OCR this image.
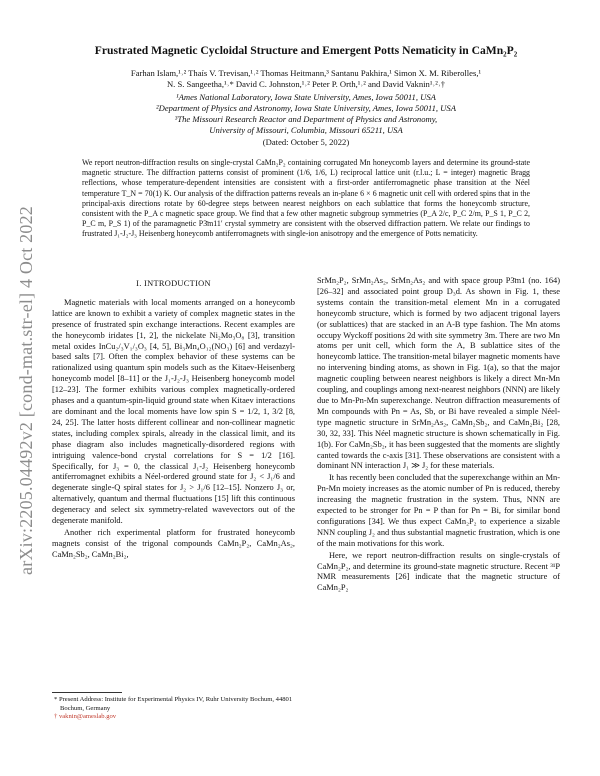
arXiv:2205.04492v2 [cond-mat.str-el] 4 Oct 2022
Frustrated Magnetic Cycloidal Structure and Emergent Potts Nematicity in CaMn₂P₂
Farhan Islam,¹˒² Thaís V. Trevisan,¹˒² Thomas Heitmann,³ Santanu Pakhira,¹ Simon X. M. Riberolles,¹
N. S. Sangeetha,¹˒* David C. Johnston,¹˒² Peter P. Orth,¹˒² and David Vaknin¹˒²˒†
¹Ames National Laboratory, Iowa State University, Ames, Iowa 50011, USA
²Department of Physics and Astronomy, Iowa State University, Ames, Iowa 50011, USA
³The Missouri Research Reactor and Department of Physics and Astronomy,
University of Missouri, Columbia, Missouri 65211, USA
(Dated: October 5, 2022)
We report neutron-diffraction results on single-crystal CaMn₂P₂ containing corrugated Mn honeycomb layers and determine its ground-state magnetic structure. The diffraction patterns consist of prominent (1/6, 1/6, L) reciprocal lattice unit (r.l.u.; L = integer) magnetic Bragg reflections, whose temperature-dependent intensities are consistent with a first-order antiferromagnetic phase transition at the Néel temperature T_N = 70(1) K. Our analysis of the diffraction patterns reveals an in-plane 6 × 6 magnetic unit cell with ordered spins that in the principal-axis directions rotate by 60-degree steps between nearest neighbors on each sublattice that forms the honeycomb structure, consistent with the P_A c magnetic space group. We find that a few other magnetic subgroup symmetries (P_A 2/c, P_C 2/m, P_S 1, P_C 2, P_C m, P_S 1) of the paramagnetic P3̄m11′ crystal symmetry are consistent with the observed diffraction pattern. We relate our findings to frustrated J₁-J₂-J₃ Heisenberg honeycomb antiferromagnets with single-ion anisotropy and the emergence of Potts nematicity.
I. INTRODUCTION

Magnetic materials with local moments arranged on a honeycomb lattice are known to exhibit a variety of complex magnetic states in the presence of frustrated spin exchange interactions. Recent examples are the honeycomb iridates [1, 2], the nickelate Ni₂Mo₃O₈ [3], transition metal oxides InCu₂/₃V₁/₃O₃ [4, 5], Bi₃Mn₄O₁₂(NO₃) [6] and verdazyl-based salts [7]. Often the complex behavior of these systems can be rationalized using quantum spin models such as the Kitaev-Heisenberg honeycomb model [8–11] or the J₁-J₂-J₃ Heisenberg honeycomb model [12–23]. The former exhibits various complex magnetically-ordered phases and a quantum-spin-liquid ground state when Kitaev interactions are dominant and the local moments have low spin S = 1/2, 1, 3/2 [8, 24, 25]. The latter hosts different collinear and non-collinear magnetic states, including complex spirals, already in the classical limit, and its phase diagram also includes magnetically-disordered regions with intriguing valence-bond crystal correlations for S = 1/2 [16]. Specifically, for J₃ = 0, the classical J₁-J₂ Heisenberg honeycomb antiferromagnet exhibits a Néel-ordered ground state for J₂ < J₁/6 and degenerate single-Q spiral states for J₂ > J₁/6 [12–15]. Nonzero J₃ or, alternatively, quantum and thermal fluctuations [15] lift this continuous degeneracy and select six symmetry-related wavevectors out of the degenerate manifold.

Another rich experimental platform for frustrated honeycomb magnets consist of the trigonal compounds CaMn₂P₂, CaMn₂As₂, CaMn₂Sb₂, CaMn₂Bi₂,

SrMn₂P₂, SrMn₂As₂, SrMn₂As₂ and with space group P3̄m1 (no. 164) [26–32] and associated point group D₃d. As shown in Fig. 1, these systems contain the transition-metal element Mn in a corrugated honeycomb structure, which is formed by two adjacent trigonal layers (or sublattices) that are stacked in an A-B type fashion. The Mn atoms occupy Wyckoff positions 2d with site symmetry 3m. There are two Mn atoms per unit cell, which form the A, B sublattice sites of the honeycomb lattice. The transition-metal bilayer magnetic moments have no intervening binding atoms, as shown in Fig. 1(a), so that the major magnetic coupling between nearest neighbors is likely a direct Mn-Mn coupling, and couplings among next-nearest neighbors (NNN) are likely due to Mn-Pn-Mn superexchange. Neutron diffraction measurements of Mn compounds with Pn = As, Sb, or Bi have revealed a simple Néel-type magnetic structure in SrMn₂As₂, CaMn₂Sb₂, and CaMn₂Bi₂ [28, 30, 32, 33]. This Néel magnetic structure is shown schematically in Fig. 1(b). For CaMn₂Sb₂, it has been suggested that the moments are slightly canted towards the c-axis [31]. These observations are consistent with a dominant NN interaction J₁ ≫ J₂ for these materials.

It has recently been concluded that the superexchange within an Mn-Pn-Mn moiety increases as the atomic number of Pn is reduced, thereby increasing the magnetic frustration in the system. Thus, NNN are expected to be stronger for Pn = P than for Pn = Bi, for similar bond configurations [34]. We thus expect CaMn₂P₂ to experience a sizable NNN coupling J₂ and thus substantial magnetic frustration, which is one of the main motivations for this work.

Here, we report neutron-diffraction results on single-crystals of CaMn₂P₂, and determine its ground-state magnetic structure. Recent ³¹P NMR measurements [26] indicate that the magnetic structure of CaMn₂P₂

* Present Address: Institute for Experimental Physics IV, Ruhr University Bochum, 44801 Bochum, Germany
† vaknin@ameslab.gov
